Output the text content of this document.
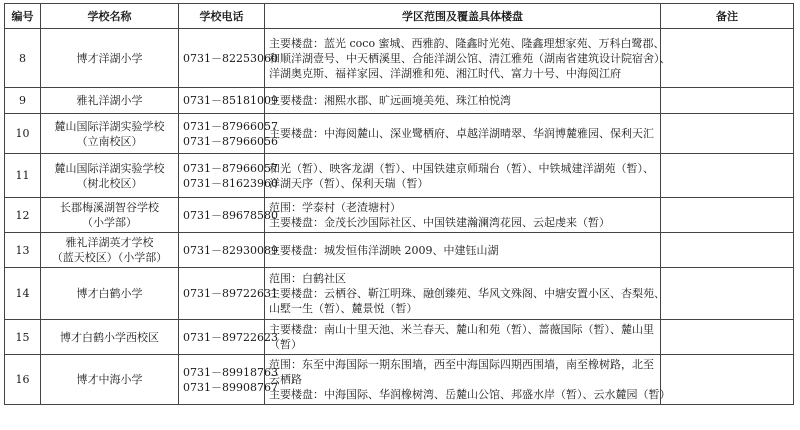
编号	学校名称	学校电话	学区范围及覆盖具体楼盘	备注
8	博才洋湖小学	0731－82253060	主要楼盘：蓝光 coco 蜜城、西雅韵、隆鑫时光苑、隆鑫理想家苑、万科白鹭郡、
和顺洋湖壹号、中天栖溪里、合能洋湖公馆、清江雅苑（湖南省建筑设计院宿舍）、
洋湖奥克斯、福祥家园、洋湖雅和苑、湘江时代、富力十号、中海阅江府	

9	雅礼洋湖小学	0731－85181009	主要楼盘：湘熙水郡、旷远画境美苑、珠江柏悦湾	

10	麓山国际洋湖实验学校
（立南校区）	0731－87966057
0731－87966056	主要楼盘：中海阅麓山、深业鹭栖府、卓越洋湖晴翠、华润博麓雅园、保利天汇	

11	麓山国际洋湖实验学校
（树北校区）	0731－87966057
0731－81623960	和光（暂）、映客龙湖（暂）、中国铁建京师瑞台（暂）、中铁城建洋湖苑（暂）、
洋湖天序（暂）、保利天瑞（暂）	

12	长郡梅溪湖智谷学校
（小学部）	0731－89678580	范围：学泰村（老渣塘村）
主要楼盘：金茂长沙国际社区、中国铁建瀚澜湾花园、云起虔来（暂）	

13	雅礼洋湖英才学校
（蓝天校区）（小学部）	0731－82930089	主要楼盘：城发恒伟洋湖映 2009、中建钰山湖	

14	博才白鹤小学	0731－89722631	范围：白鹤社区
主要楼盘：云栖谷、靳江明珠、融创臻苑、华风文殊阁、中塘安置小区、杏梨苑、
山墅一生（暂）、麓景悦（暂）	

15	博才白鹤小学西校区	0731－89722623	主要楼盘：南山十里天池、米兰春天、麓山和苑（暂）、蔷薇国际（暂）、麓山里
（暂）	

16	博才中海小学	0731－89918763
0731－89908767	范围：东至中海国际一期东围墙，西至中海国际四期西围墙，南至橡树路，北至
云栖路
主要楼盘：中海国际、华润橡树湾、岳麓山公馆、邦盛水岸（暂）、云水麓园（暂）	
